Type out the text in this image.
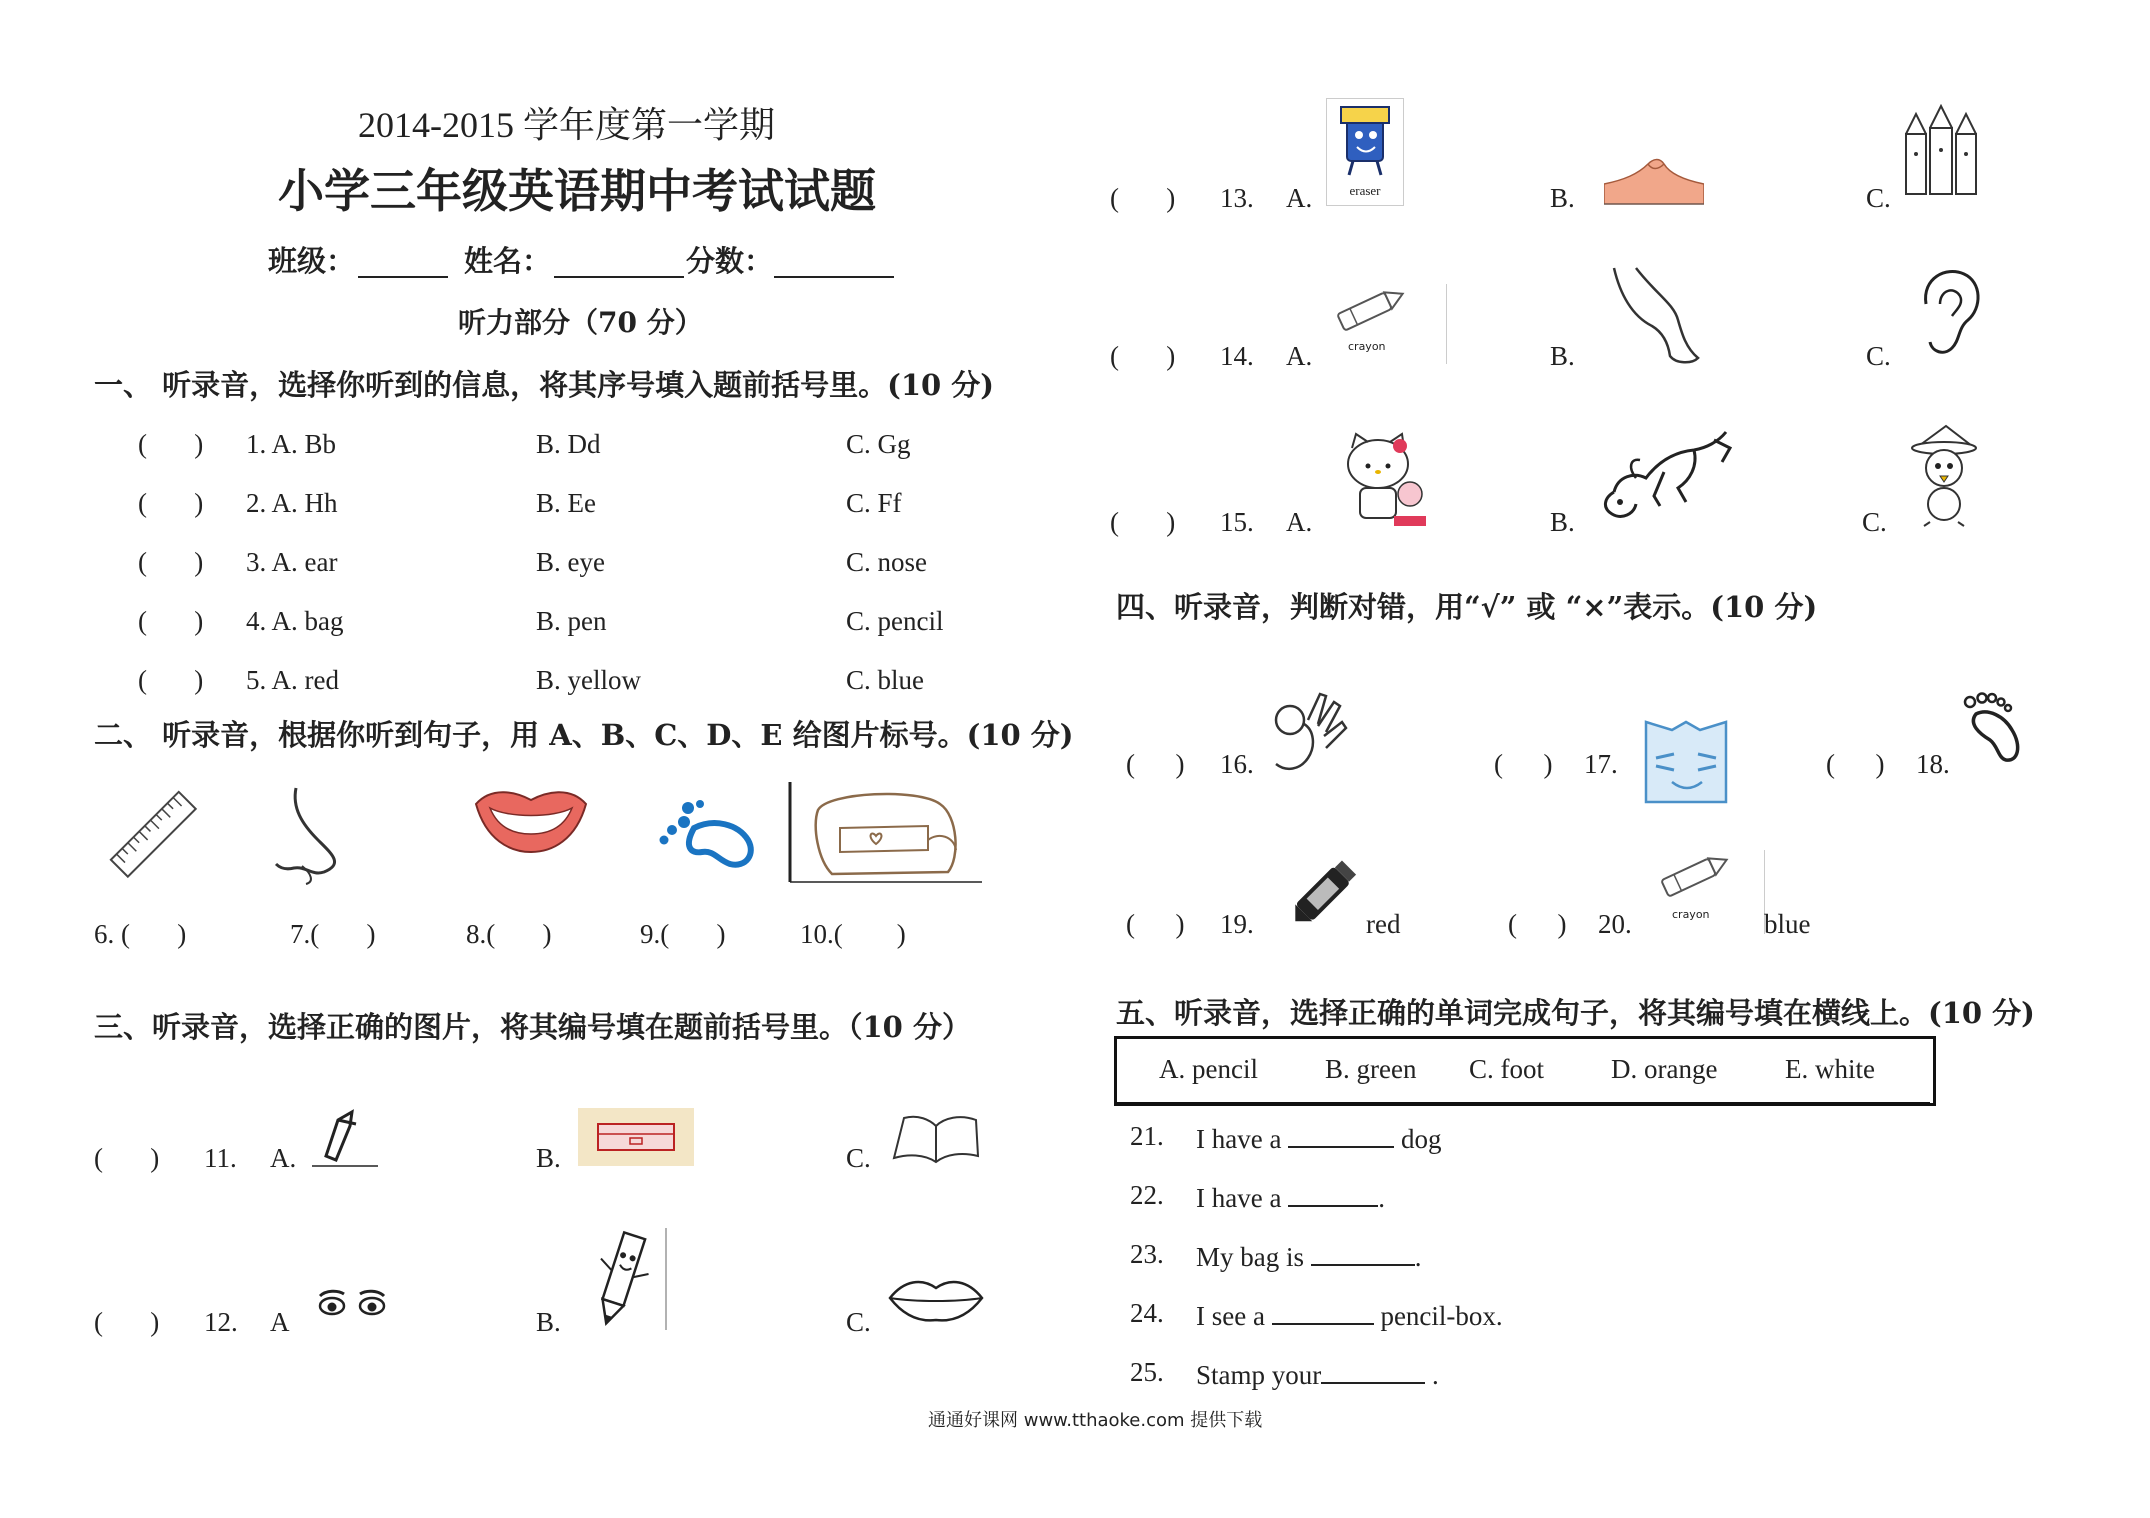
2014-2015 学年度第一学期
小学三年级英语期中考试试题
班级：	姓名：	分数：
听力部分（70 分）
一、 听录音，选择你听到的信息，将其序号填入题前括号里。(10 分)
(       ) 1. A. Bb	B. Dd	C. Gg
(       ) 2. A. Hh	B. Ee	C. Ff
(       ) 3. A. ear	B. eye	C. nose
(       ) 4. A. bag	B. pen	C. pencil
(       ) 5. A. red	B. yellow	C. blue
二、 听录音，根据你听到句子，用 A、B、C、D、E 给图片标号。(10 分)
6. (       )	7.(       )	8.(       )	9.(       )	10.(        )
三、听录音，选择正确的图片，将其编号填在题前括号里。（10 分）
(       ) 11. A.	B.	C.
(       ) 12. A	B.	C.
(       ) 13. A.	eraser	B.	C.
(       ) 14. A.	crayon	B.	C.
(       ) 15. A.	B.	C.
四、听录音，判断对错，用“√” 或 “×”表示。(10 分)
(      ) 16.	(      ) 17.	(      ) 18.
(      ) 19.	red	(      ) 20.	crayon blue
五、听录音，选择正确的单词完成句子，将其编号填在横线上。(10 分)
A. pencil B. green C. foot D. orange	E. white
21. I have a	dog
22. I have a	.
23. My bag is	.
24. I see a	pencil-box.
25. Stamp your	.
通通好课网 www.tthaoke.com 提供下载
